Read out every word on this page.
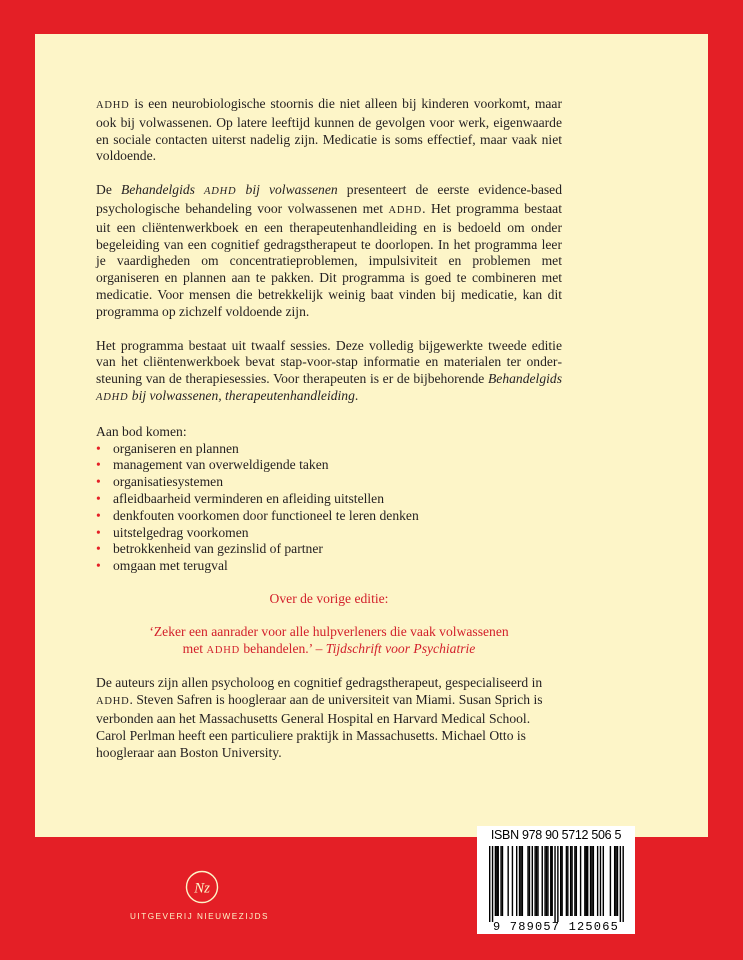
ADHD is een neurobiologische stoornis die niet alleen bij kinderen voorkomt, maar ook bij volwassenen. Op latere leeftijd kunnen de gevolgen voor werk, eigenwaarde en sociale contacten uiterst nadelig zijn. Medicatie is soms effectief, maar vaak niet voldoende.

De Behandelgids ADHD bij volwassenen presenteert de eerste evidence-based psychologische behandeling voor volwassenen met ADHD. Het programma bestaat uit een cliëntenwerkboek en een therapeutenhandleiding en is bedoeld om onder begeleiding van een cognitief gedragstherapeut te doorlopen. In het programma leer je vaardigheden om concentratieproblemen, impulsiviteit en problemen met organiseren en plannen aan te pakken. Dit programma is goed te combineren met medicatie. Voor mensen die betrekkelijk weinig baat vinden bij medicatie, kan dit programma op zichzelf voldoende zijn.

Het programma bestaat uit twaalf sessies. Deze volledig bijgewerkte tweede editie van het cliëntenwerkboek bevat stap-voor-stap informatie en materialen ter ondersteuning van de therapiesessies. Voor therapeuten is er de bijbehorende Behandelgids ADHD bij volwassenen, therapeutenhandleiding.

Aan bod komen:
• organiseren en plannen
• management van overweldigende taken
• organisatiesystemen
• afleidbaarheid verminderen en afleiding uitstellen
• denkfouten voorkomen door functioneel te leren denken
• uitstelgedrag voorkomen
• betrokkenheid van gezinslid of partner
• omgaan met terugval

Over de vorige editie:

‘Zeker een aanrader voor alle hulpverleners die vaak volwassenen
met ADHD behandelen.’ – Tijdschrift voor Psychiatrie

De auteurs zijn allen psycholoog en cognitief gedragstherapeut, gespecialiseerd in ADHD. Steven Safren is hoogleraar aan de universiteit van Miami. Susan Sprich is verbonden aan het Massachusetts General Hospital en Harvard Medical School. Carol Perlman heeft een particuliere praktijk in Massachusetts. Michael Otto is hoogleraar aan Boston University.

ISBN 978 90 5712 506 5
9 789057 125065
Nz
UITGEVERIJ NIEUWEZIJDS
